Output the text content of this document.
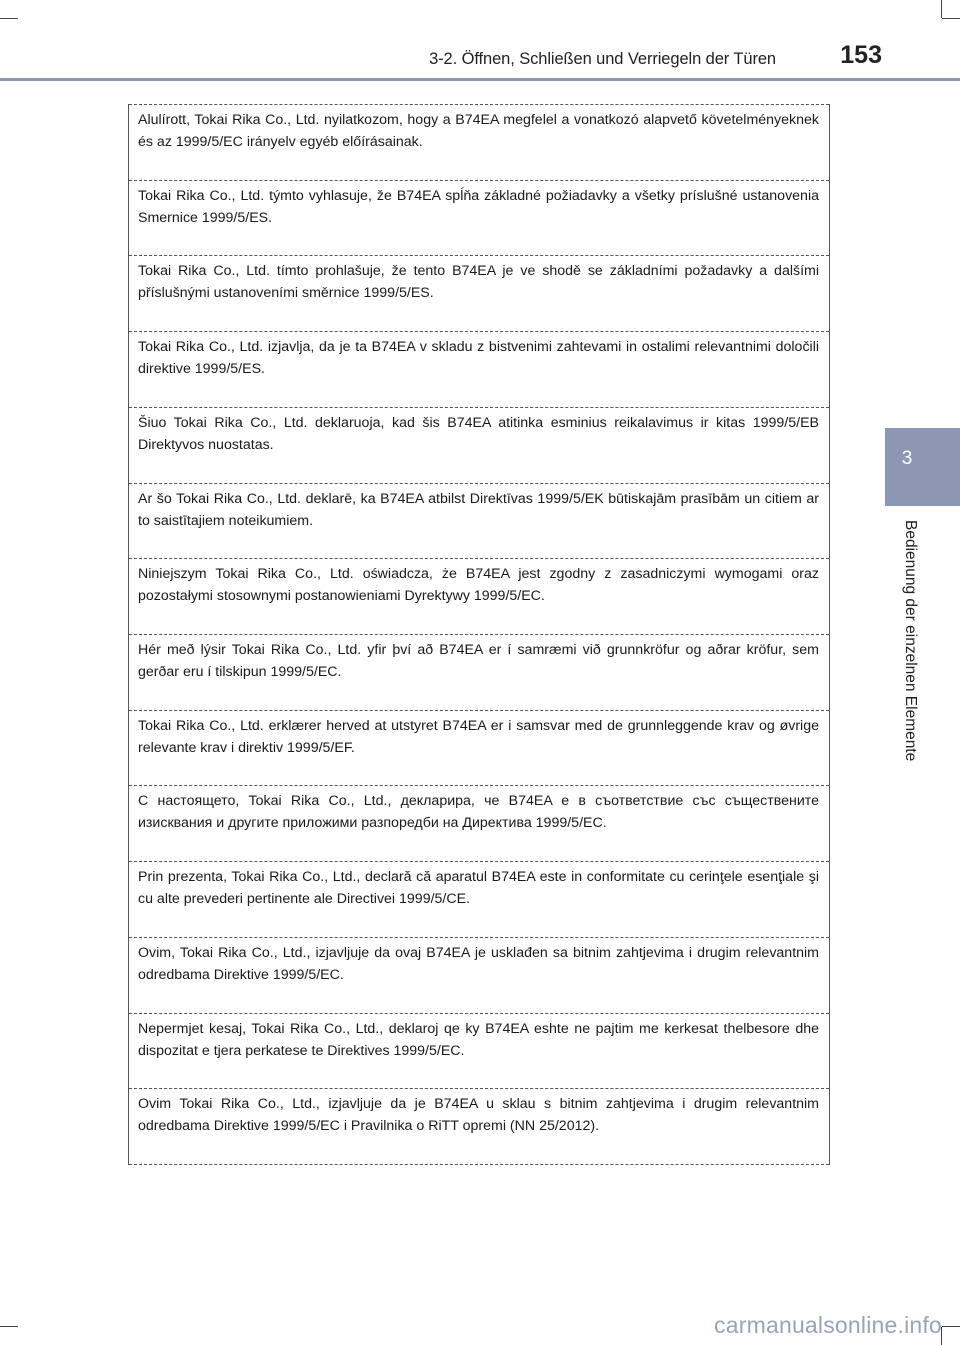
3-2. Öffnen, Schließen und Verriegeln der Türen	153
3
Bedienung der einzelnen Elemente

Alulírott, Tokai Rika Co., Ltd. nyilatkozom, hogy a B74EA megfelel a vonatkozó alapvető követelményeknek és az 1999/5/EC irányelv egyéb előírásainak.

Tokai Rika Co., Ltd. týmto vyhlasuje, že B74EA spĺňa základné požiadavky a všetky príslušné ustanovenia Smernice 1999/5/ES.

Tokai Rika Co., Ltd. tímto prohlašuje, že tento B74EA je ve shodě se základními požadavky a dalšími příslušnými ustanoveními směrnice 1999/5/ES.

Tokai Rika Co., Ltd. izjavlja, da je ta B74EA v skladu z bistvenimi zahtevami in ostalimi relevantnimi določili direktive 1999/5/ES.

Šiuo Tokai Rika Co., Ltd. deklaruoja, kad šis B74EA atitinka esminius reikalavimus ir kitas 1999/5/EB Direktyvos nuostatas.

Ar šo Tokai Rika Co., Ltd. deklarē, ka B74EA atbilst Direktīvas 1999/5/EK būtiskajām prasībām un citiem ar to saistītajiem noteikumiem.

Niniejszym Tokai Rika Co., Ltd. oświadcza, że B74EA jest zgodny z zasadniczymi wymogami oraz pozostałymi stosownymi postanowieniami Dyrektywy 1999/5/EC.

Hér með lýsir Tokai Rika Co., Ltd. yfir því að B74EA er í samræmi við grunnkröfur og aðrar kröfur, sem gerðar eru í tilskipun 1999/5/EC.

Tokai Rika Co., Ltd. erklærer herved at utstyret B74EA er i samsvar med de grunnleggende krav og øvrige relevante krav i direktiv 1999/5/EF.

С настоящето, Tokai Rika Co., Ltd., декларира, че B74EA е в съответствие със съществените изисквания и другите приложими разпоредби на Директива 1999/5/EC.

Prin prezenta, Tokai Rika Co., Ltd., declară că aparatul B74EA este in conformitate cu cerinţele esenţiale şi cu alte prevederi pertinente ale Directivei 1999/5/CE.

Ovim, Tokai Rika Co., Ltd., izjavljuje da ovaj B74EA je usklađen sa bitnim zahtjevima i drugim relevantnim odredbama Direktive 1999/5/EC.

Nepermjet kesaj, Tokai Rika Co., Ltd., deklaroj qe ky B74EA eshte ne pajtim me kerkesat thelbesore dhe dispozitat e tjera perkatese te Direktives 1999/5/EC.

Ovim Tokai Rika Co., Ltd., izjavljuje da je B74EA u sklau s bitnim zahtjevima i drugim relevantnim odredbama Direktive 1999/5/EC i Pravilnika o RiTT opremi (NN 25/2012).

carmanualsonline.info
